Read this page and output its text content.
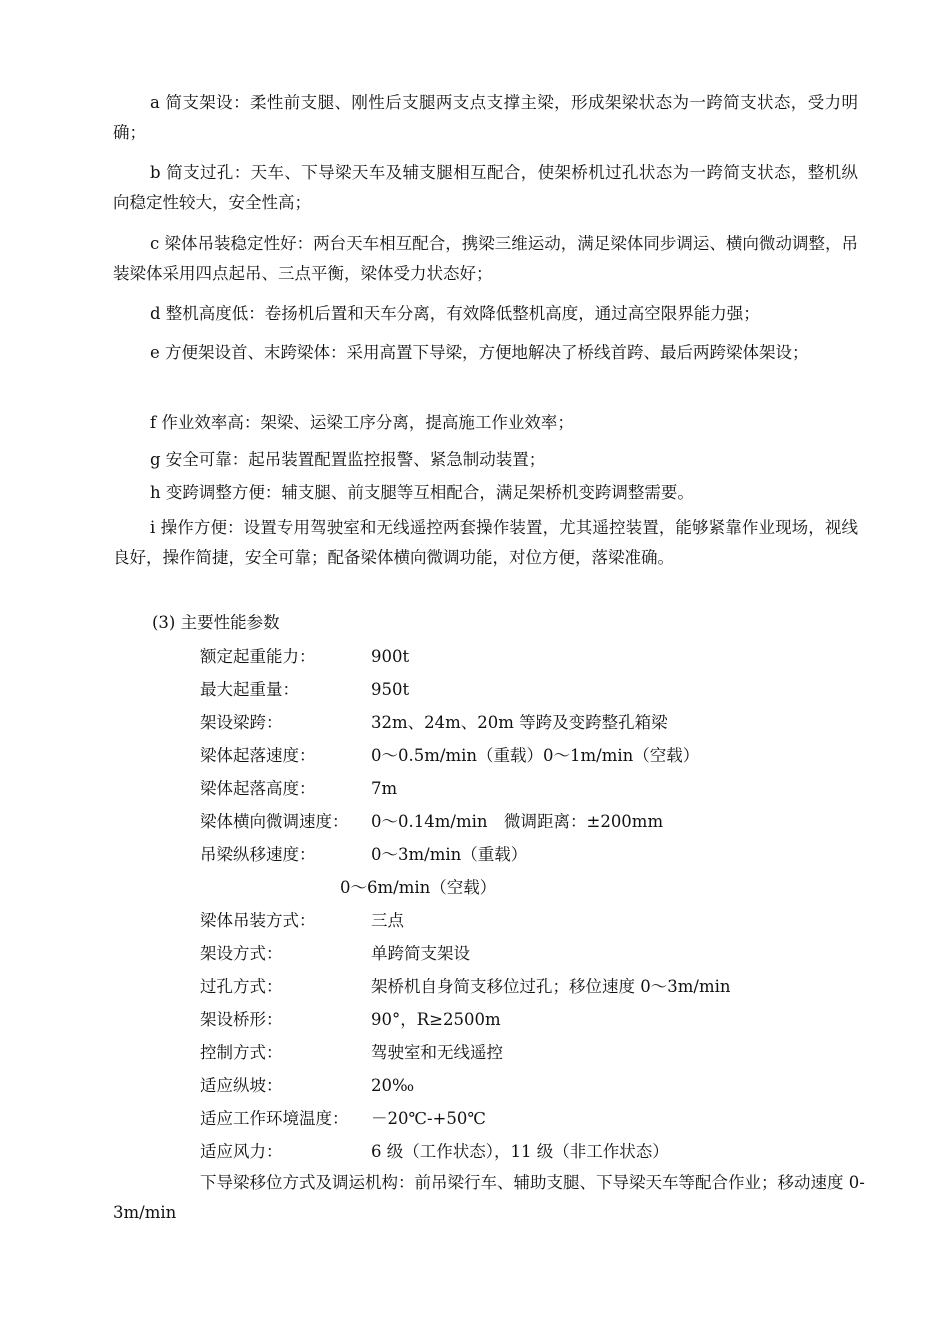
a 简支架设：柔性前支腿、刚性后支腿两支点支撑主梁，形成架梁状态为一跨简支状态，受力明确；

b 简支过孔：天车、下导梁天车及辅支腿相互配合，使架桥机过孔状态为一跨简支状态，整机纵向稳定性较大，安全性高；

c 梁体吊装稳定性好：两台天车相互配合，携梁三维运动，满足梁体同步调运、横向微动调整，吊装梁体采用四点起吊、三点平衡，梁体受力状态好；

d 整机高度低：卷扬机后置和天车分离，有效降低整机高度，通过高空限界能力强；

e 方便架设首、末跨梁体：采用高置下导梁，方便地解决了桥线首跨、最后两跨梁体架设；

f 作业效率高：架梁、运梁工序分离，提高施工作业效率；

g 安全可靠：起吊装置配置监控报警、紧急制动装置；

h 变跨调整方便：辅支腿、前支腿等互相配合，满足架桥机变跨调整需要。

i 操作方便：设置专用驾驶室和无线遥控两套操作装置，尤其遥控装置，能够紧靠作业现场，视线良好，操作简捷，安全可靠；配备梁体横向微调功能，对位方便，落梁准确。

(3) 主要性能参数

额定起重能力：	900t
最大起重量：	950t
架设梁跨：	32m、24m、20m 等跨及变跨整孔箱梁
梁体起落速度：	0～0.5m/min（重载）0～1m/min（空载）
梁体起落高度：	7m
梁体横向微调速度： 0～0.14m/min　微调距离：±200mm
吊梁纵移速度：	0～3m/min（重载）
0～6m/min（空载）
梁体吊装方式：	三点
架设方式：	单跨简支架设
过孔方式：	架桥机自身简支移位过孔；移位速度 0～3m/min
架设桥形：	90°，R≥2500m
控制方式：	驾驶室和无线遥控
适应纵坡：	20‰
适应工作环境温度： －20℃-+50℃
适应风力：	6 级（工作状态），11 级（非工作状态）

下导梁移位方式及调运机构：前吊梁行车、辅助支腿、下导梁天车等配合作业；移动速度 0-3m/min
